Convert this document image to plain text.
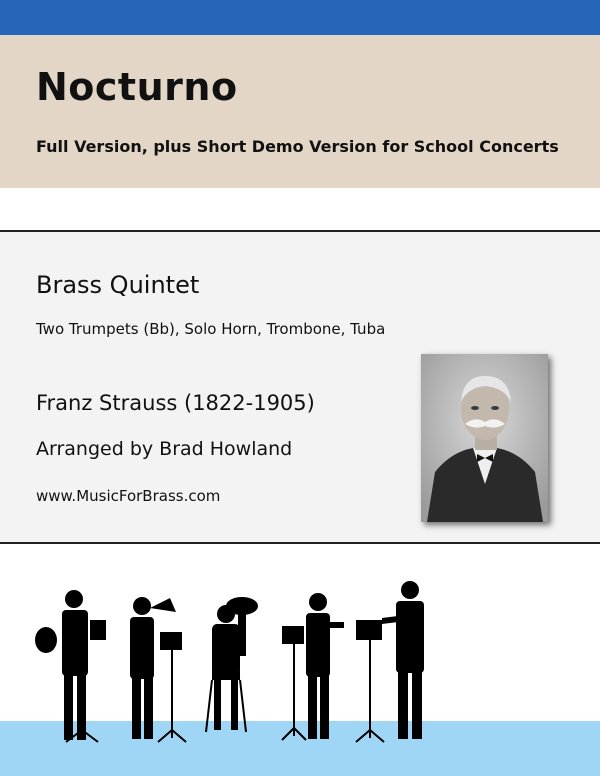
Nocturno
Full Version, plus Short Demo Version for School Concerts
Brass Quintet
Two Trumpets (Bb), Solo Horn, Trombone, Tuba
Franz Strauss (1822-1905)
Arranged by Brad Howland
www.MusicForBrass.com
